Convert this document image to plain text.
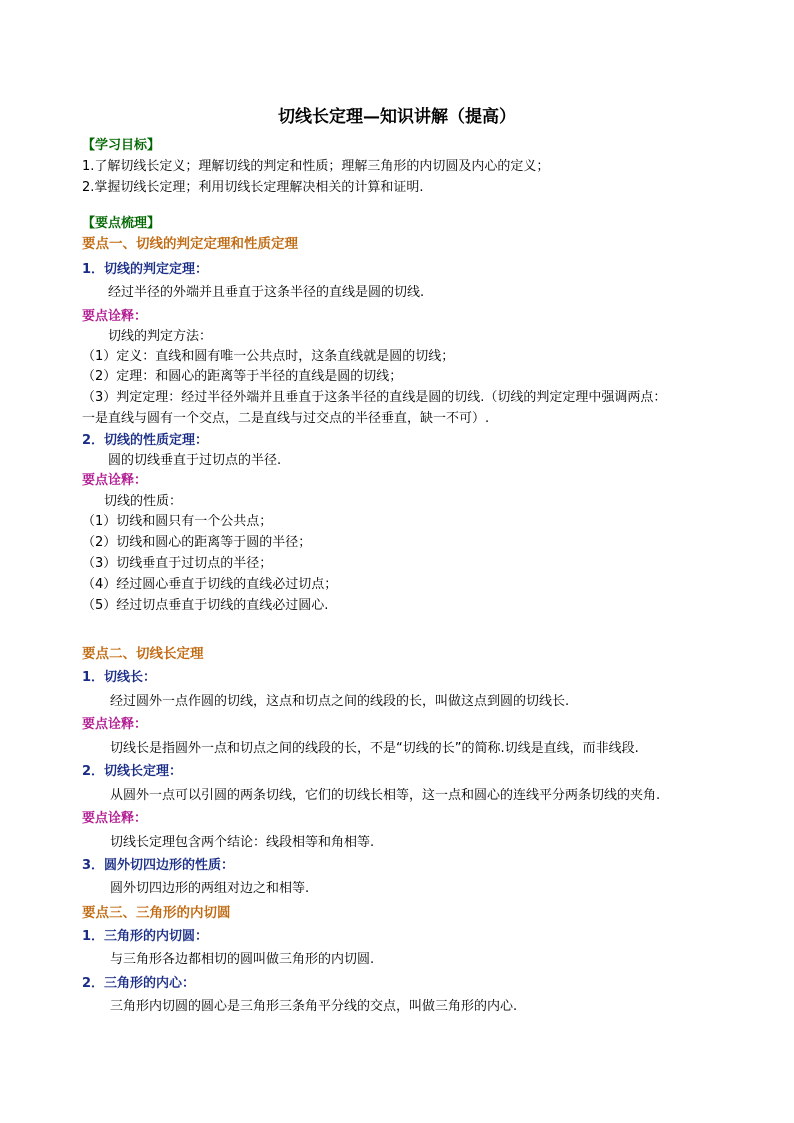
切线长定理—知识讲解（提高）
【学习目标】
1.了解切线长定义；理解切线的判定和性质；理解三角形的内切圆及内心的定义；
2.掌握切线长定理；利用切线长定理解决相关的计算和证明.
【要点梳理】
要点一、切线的判定定理和性质定理
1．切线的判定定理：
经过半径的外端并且垂直于这条半径的直线是圆的切线.
要点诠释：
切线的判定方法：
（1）定义：直线和圆有唯一公共点时，这条直线就是圆的切线；
（2）定理：和圆心的距离等于半径的直线是圆的切线；
（3）判定定理：经过半径外端并且垂直于这条半径的直线是圆的切线.（切线的判定定理中强调两点：
一是直线与圆有一个交点，二是直线与过交点的半径垂直，缺一不可）.
2．切线的性质定理：
圆的切线垂直于过切点的半径.
要点诠释：
切线的性质：
（1）切线和圆只有一个公共点；
（2）切线和圆心的距离等于圆的半径；
（3）切线垂直于过切点的半径；
（4）经过圆心垂直于切线的直线必过切点；
（5）经过切点垂直于切线的直线必过圆心.
要点二、切线长定理
1．切线长：
经过圆外一点作圆的切线，这点和切点之间的线段的长，叫做这点到圆的切线长.
要点诠释：
切线长是指圆外一点和切点之间的线段的长，不是“切线的长”的简称.切线是直线，而非线段.
2．切线长定理：
从圆外一点可以引圆的两条切线，它们的切线长相等，这一点和圆心的连线平分两条切线的夹角.
要点诠释：
切线长定理包含两个结论：线段相等和角相等.
3．圆外切四边形的性质：
圆外切四边形的两组对边之和相等.
要点三、三角形的内切圆
1．三角形的内切圆：
与三角形各边都相切的圆叫做三角形的内切圆.
2．三角形的内心：
三角形内切圆的圆心是三角形三条角平分线的交点，叫做三角形的内心.
